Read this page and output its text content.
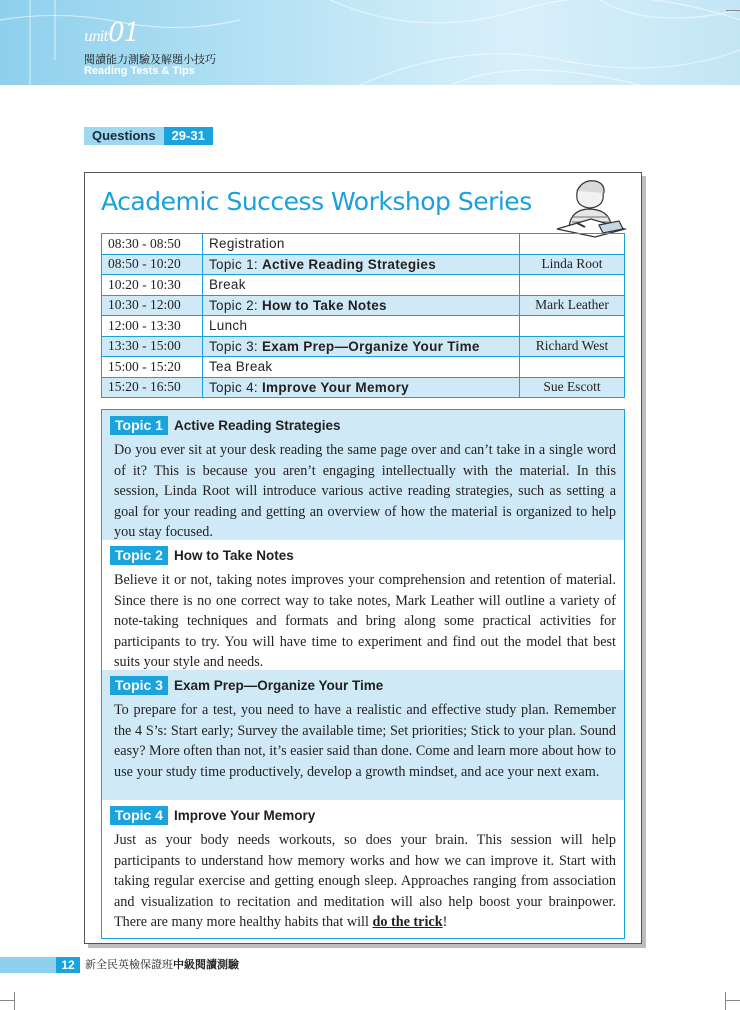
unit01
閱讀能力測驗及解題小技巧
Reading Tests & Tips
Questions	29-31
Academic Success Workshop Series
08:30 - 08:50	Registration	
08:50 - 10:20	Topic 1: Active Reading Strategies	Linda Root
10:20 - 10:30	Break	
10:30 - 12:00	Topic 2: How to Take Notes	Mark Leather
12:00 - 13:30	Lunch	
13:30 - 15:00	Topic 3: Exam Prep—Organize Your Time	Richard West
15:00 - 15:20	Tea Break	
15:20 - 16:50	Topic 4: Improve Your Memory	Sue Escott
Topic 1 Active Reading Strategies
Do you ever sit at your desk reading the same page over and can’t take in a single word of it? This is because you aren’t engaging intellectually with the material. In this session, Linda Root will introduce various active reading strategies, such as setting a goal for your reading and getting an overview of how the material is organized to help you stay focused.
Topic 2 How to Take Notes
Believe it or not, taking notes improves your comprehension and retention of material. Since there is no one correct way to take notes, Mark Leather will outline a variety of note-taking techniques and formats and bring along some practical activities for participants to try. You will have time to experiment and find out the model that best suits your style and needs.
Topic 3 Exam Prep—Organize Your Time
To prepare for a test, you need to have a realistic and effective study plan. Remember the 4 S’s: Start early; Survey the available time; Set priorities; Stick to your plan. Sound easy? More often than not, it’s easier said than done. Come and learn more about how to use your study time productively, develop a growth mindset, and ace your next exam.
Topic 4 Improve Your Memory
Just as your body needs workouts, so does your brain. This session will help participants to understand how memory works and how we can improve it. Start with taking regular exercise and getting enough sleep. Approaches ranging from association and visualization to recitation and meditation will also help boost your brainpower. There are many more healthy habits that will do the trick!
12 新全民英檢保證班中級閱讀測驗
